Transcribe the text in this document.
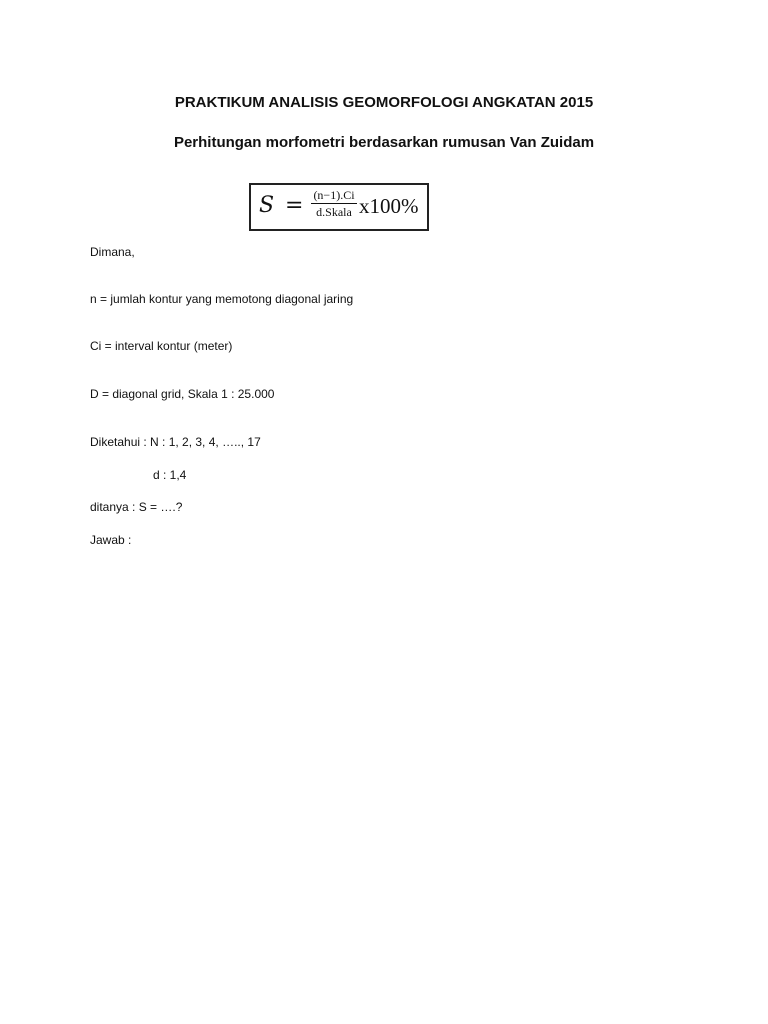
PRAKTIKUM ANALISIS GEOMORFOLOGI ANGKATAN 2015
Perhitungan morfometri berdasarkan rumusan Van Zuidam
S = (n−1).Ci
d.Skala x100%
Dimana,
n = jumlah kontur yang memotong diagonal jaring
Ci = interval kontur (meter)
D = diagonal grid, Skala 1 : 25.000
Diketahui : N : 1, 2, 3, 4, ….., 17
d : 1,4
ditanya : S = ….?
Jawab :
